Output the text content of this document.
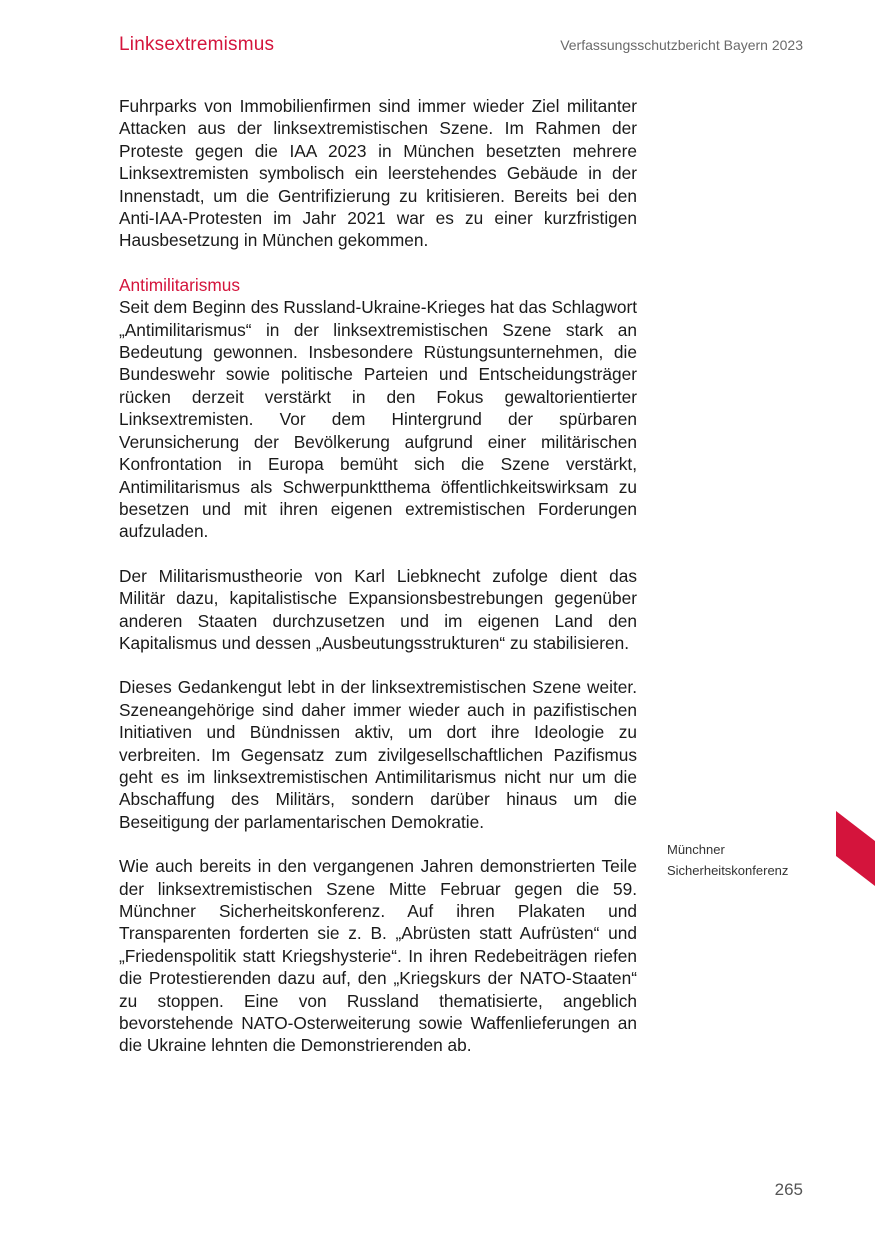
Linksextremismus	Verfassungsschutzbericht Bayern 2023

Fuhrparks von Immobilienfirmen sind immer wieder Ziel militanter Attacken aus der linksextremistischen Szene. Im Rahmen der Proteste gegen die IAA 2023 in München besetzten mehrere Linksextremisten symbolisch ein leerstehendes Gebäude in der Innenstadt, um die Gentrifizierung zu kritisieren. Bereits bei den Anti-IAA-Protesten im Jahr 2021 war es zu einer kurzfristigen Hausbesetzung in München gekommen.

Antimilitarismus

Seit dem Beginn des Russland-Ukraine-Krieges hat das Schlagwort „Antimilitarismus“ in der linksextremistischen Szene stark an Bedeutung gewonnen. Insbesondere Rüstungsunternehmen, die Bundeswehr sowie politische Parteien und Entscheidungsträger rücken derzeit verstärkt in den Fokus gewaltorientierter Linksextremisten. Vor dem Hintergrund der spürbaren Verunsicherung der Bevölkerung aufgrund einer militärischen Konfrontation in Europa bemüht sich die Szene verstärkt, Antimilitarismus als Schwerpunktthema öffentlichkeitswirksam zu besetzen und mit ihren eigenen extremistischen Forderungen aufzuladen.

Der Militarismustheorie von Karl Liebknecht zufolge dient das Militär dazu, kapitalistische Expansionsbestrebungen gegenüber anderen Staaten durchzusetzen und im eigenen Land den Kapitalismus und dessen „Ausbeutungsstrukturen“ zu stabilisieren.

Dieses Gedankengut lebt in der linksextremistischen Szene weiter. Szeneangehörige sind daher immer wieder auch in pazifistischen Initiativen und Bündnissen aktiv, um dort ihre Ideologie zu verbreiten. Im Gegensatz zum zivilgesellschaftlichen Pazifismus geht es im linksextremistischen Antimilitarismus nicht nur um die Abschaffung des Militärs, sondern darüber hinaus um die Beseitigung der parlamentarischen Demokratie.

Wie auch bereits in den vergangenen Jahren demonstrierten Teile der linksextremistischen Szene Mitte Februar gegen die 59. Münchner Sicherheitskonferenz. Auf ihren Plakaten und Transparenten forderten sie z. B. „Abrüsten statt Aufrüsten“ und „Friedenspolitik statt Kriegshysterie“. In ihren Redebeiträgen riefen die Protestierenden dazu auf, den „Kriegskurs der NATO-Staaten“ zu stoppen. Eine von Russland thematisierte, angeblich bevorstehende NATO-Osterweiterung sowie Waffenlieferungen an die Ukraine lehnten die Demonstrierenden ab.

Münchner
Sicherheitskonferenz
265
